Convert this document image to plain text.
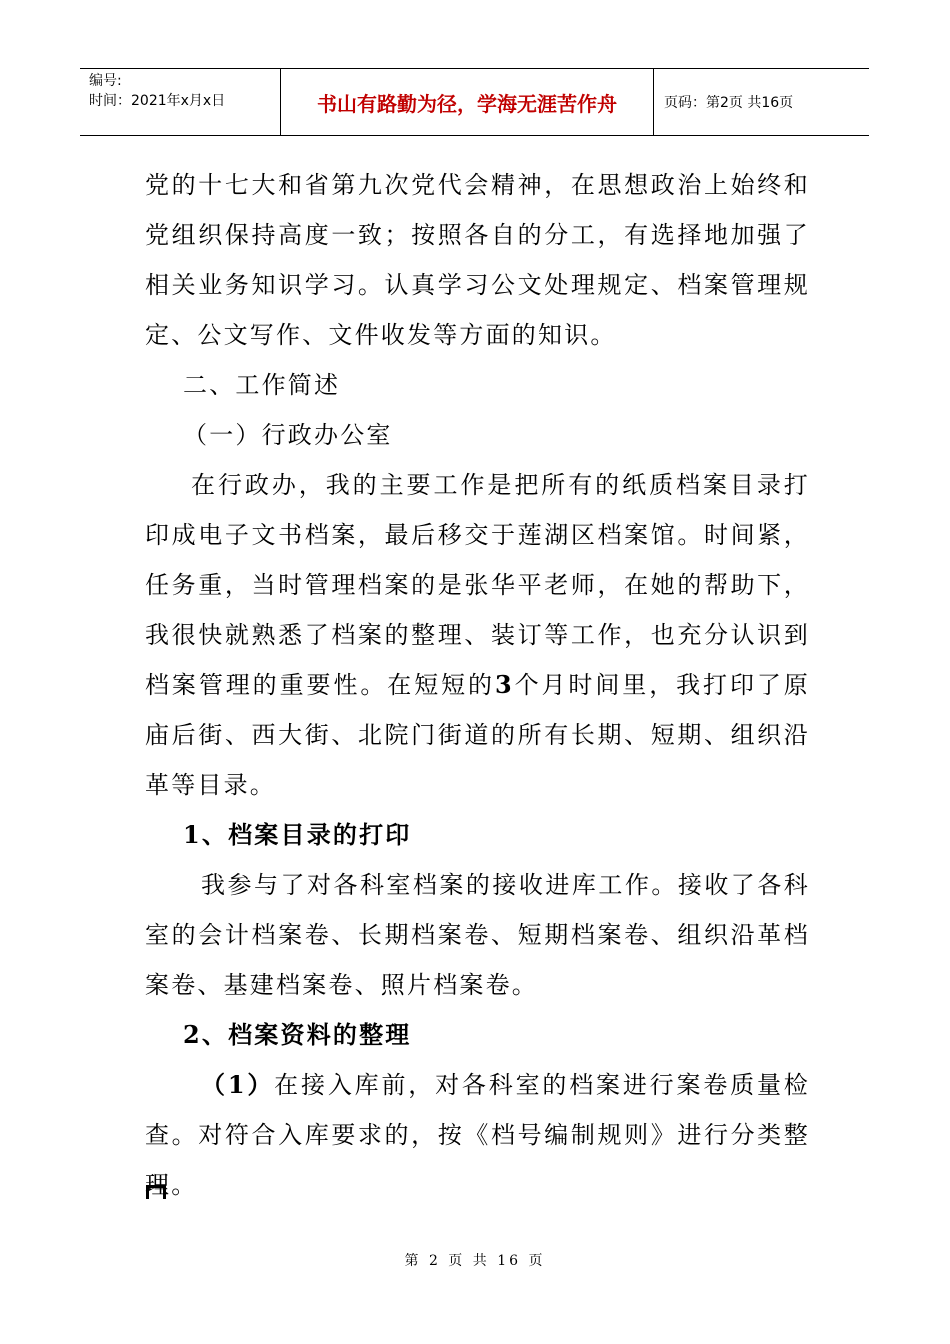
编号:
时间：2021年x月x日	书山有路勤为径，学海无涯苦作舟	页码：第2页 共16页

党的十七大和省第九次党代会精神，在思想政治上始终和党组织保持高度一致；按照各自的分工，有选择地加强了相关业务知识学习。认真学习公文处理规定、档案管理规定、公文写作、文件收发等方面的知识。

二、工作简述

（一）行政办公室

在行政办，我的主要工作是把所有的纸质档案目录打印成电子文书档案，最后移交于莲湖区档案馆。时间紧，任务重，当时管理档案的是张华平老师，在她的帮助下，我很快就熟悉了档案的整理、装订等工作，也充分认识到档案管理的重要性。在短短的3个月时间里，我打印了原庙后街、西大街、北院门街道的所有长期、短期、组织沿革等目录。

1、档案目录的打印

我参与了对各科室档案的接收进库工作。接收了各科室的会计档案卷、长期档案卷、短期档案卷、组织沿革档案卷、基建档案卷、照片档案卷。

2、档案资料的整理

（1）在接入库前，对各科室的档案进行案卷质量检查。对符合入库要求的，按《档号编制规则》进行分类整理。

第 2 页 共 16 页
